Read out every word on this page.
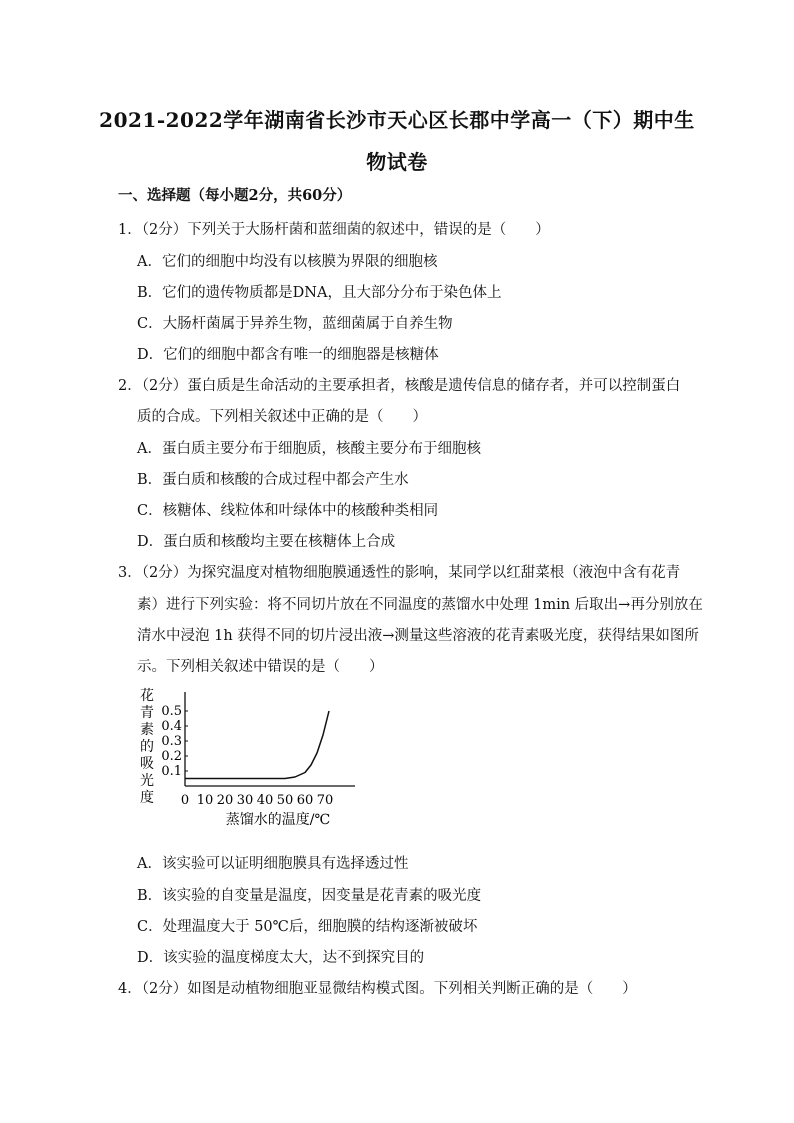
2021-2022学年湖南省长沙市天心区长郡中学高一（下）期中生
物试卷
一、选择题（每小题2分，共60分）
1．（2分）下列关于大肠杆菌和蓝细菌的叙述中，错误的是（　　）
A．它们的细胞中均没有以核膜为界限的细胞核
B．它们的遗传物质都是DNA，且大部分分布于染色体上
C．大肠杆菌属于异养生物，蓝细菌属于自养生物
D．它们的细胞中都含有唯一的细胞器是核糖体
2．（2分）蛋白质是生命活动的主要承担者，核酸是遗传信息的储存者，并可以控制蛋白
质的合成。下列相关叙述中正确的是（　　）
A．蛋白质主要分布于细胞质，核酸主要分布于细胞核
B．蛋白质和核酸的合成过程中都会产生水
C．核糖体、线粒体和叶绿体中的核酸种类相同
D．蛋白质和核酸均主要在核糖体上合成
3．（2分）为探究温度对植物细胞膜通透性的影响，某同学以红甜菜根（液泡中含有花青
素）进行下列实验：将不同切片放在不同温度的蒸馏水中处理 1min 后取出→再分别放在
清水中浸泡 1h 获得不同的切片浸出液→测量这些溶液的花青素吸光度，获得结果如图所
示。下列相关叙述中错误的是（　　）
花
青
素
的
吸
光
度
0.1
0.2
0.3
0.4
0.5
0 10 20 30 40 50 60 70
蒸馏水的温度/℃
A．该实验可以证明细胞膜具有选择透过性
B．该实验的自变量是温度，因变量是花青素的吸光度
C．处理温度大于 50℃后，细胞膜的结构逐渐被破坏
D．该实验的温度梯度太大，达不到探究目的
4．（2分）如图是动植物细胞亚显微结构模式图。下列相关判断正确的是（　　）
